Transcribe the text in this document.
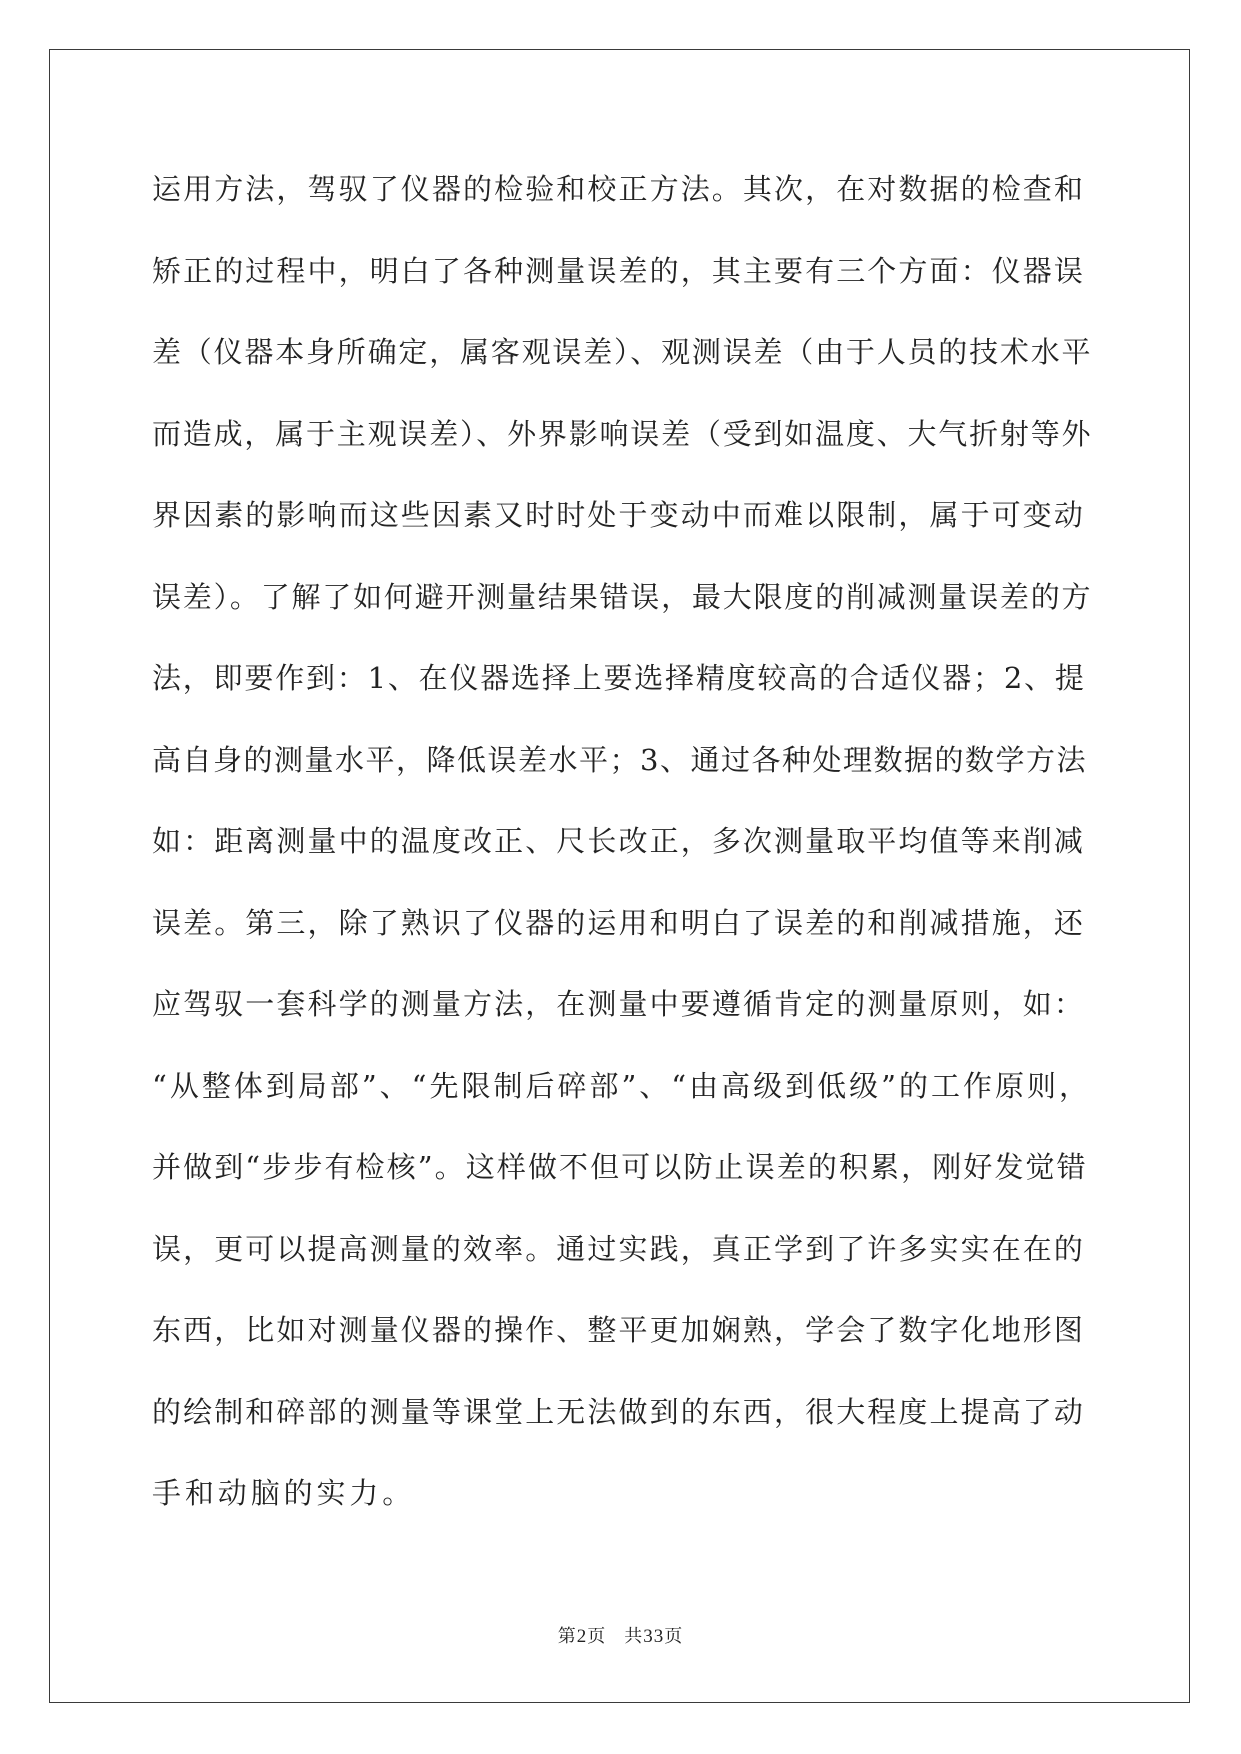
运用方法，驾驭了仪器的检验和校正方法。其次，在对数据的检查和
矫正的过程中，明白了各种测量误差的，其主要有三个方面：仪器误
差（仪器本身所确定，属客观误差）、观测误差（由于人员的技术水平
而造成，属于主观误差）、外界影响误差（受到如温度、大气折射等外
界因素的影响而这些因素又时时处于变动中而难以限制，属于可变动
误差）。了解了如何避开测量结果错误，最大限度的削减测量误差的方
法，即要作到：1、在仪器选择上要选择精度较高的合适仪器；2、提
高自身的测量水平，降低误差水平；3、通过各种处理数据的数学方法
如：距离测量中的温度改正、尺长改正，多次测量取平均值等来削减
误差。第三，除了熟识了仪器的运用和明白了误差的和削减措施，还
应驾驭一套科学的测量方法，在测量中要遵循肯定的测量原则，如：
“从整体到局部”、“先限制后碎部”、“由高级到低级”的工作原则，
并做到“步步有检核”。这样做不但可以防止误差的积累，刚好发觉错
误，更可以提高测量的效率。通过实践，真正学到了许多实实在在的
东西，比如对测量仪器的操作、整平更加娴熟，学会了数字化地形图
的绘制和碎部的测量等课堂上无法做到的东西，很大程度上提高了动
手和动脑的实力。
第2页 共33页
